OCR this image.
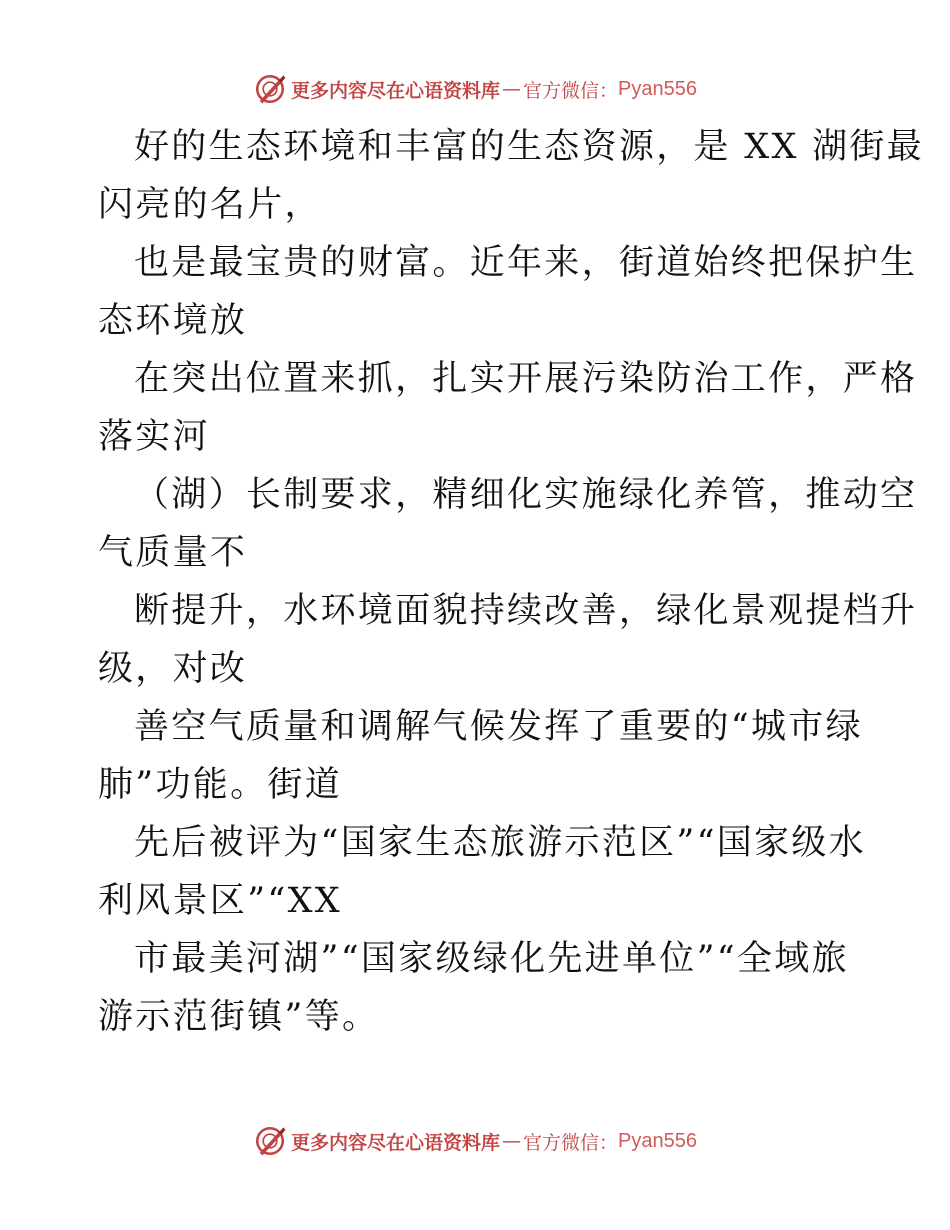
更多内容尽在心语资料库 — 官方微信： Pyan556

好的生态环境和丰富的生态资源，是 XX 湖街最
闪亮的名片，

也是最宝贵的财富。近年来，街道始终把保护生
态环境放

在突出位置来抓，扎实开展污染防治工作，严格
落实河

（湖）长制要求，精细化实施绿化养管，推动空
气质量不

断提升，水环境面貌持续改善，绿化景观提档升
级，对改

善空气质量和调解气候发挥了重要的“城市绿
肺”功能。街道

先后被评为“国家生态旅游示范区”“国家级水
利风景区”“XX

市最美河湖”“国家级绿化先进单位”“全域旅
游示范街镇”等。

更多内容尽在心语资料库 — 官方微信： Pyan556
